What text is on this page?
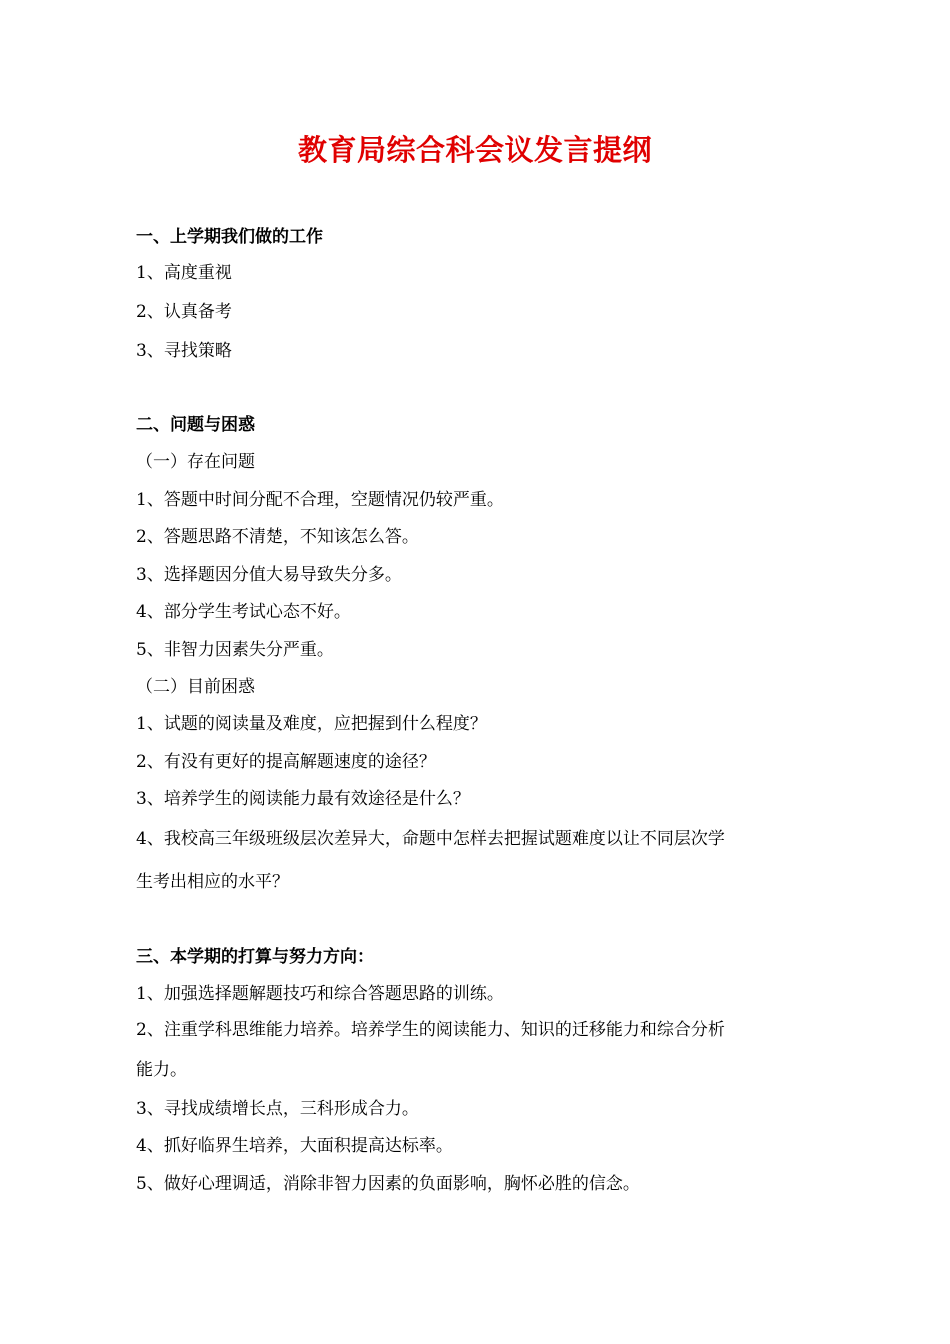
教育局综合科会议发言提纲
一、上学期我们做的工作
1、高度重视
2、认真备考
3、寻找策略
二、问题与困惑
（一）存在问题
1、答题中时间分配不合理，空题情况仍较严重。
2、答题思路不清楚，不知该怎么答。
3、选择题因分值大易导致失分多。
4、部分学生考试心态不好。
5、非智力因素失分严重。
（二）目前困惑
1、试题的阅读量及难度，应把握到什么程度？
2、有没有更好的提高解题速度的途径？
3、培养学生的阅读能力最有效途径是什么？
4、我校高三年级班级层次差异大，命题中怎样去把握试题难度以让不同层次学
生考出相应的水平？
三、本学期的打算与努力方向：
1、加强选择题解题技巧和综合答题思路的训练。
2、注重学科思维能力培养。培养学生的阅读能力、知识的迁移能力和综合分析
能力。
3、寻找成绩增长点，三科形成合力。
4、抓好临界生培养，大面积提高达标率。
5、做好心理调适，消除非智力因素的负面影响，胸怀必胜的信念。
